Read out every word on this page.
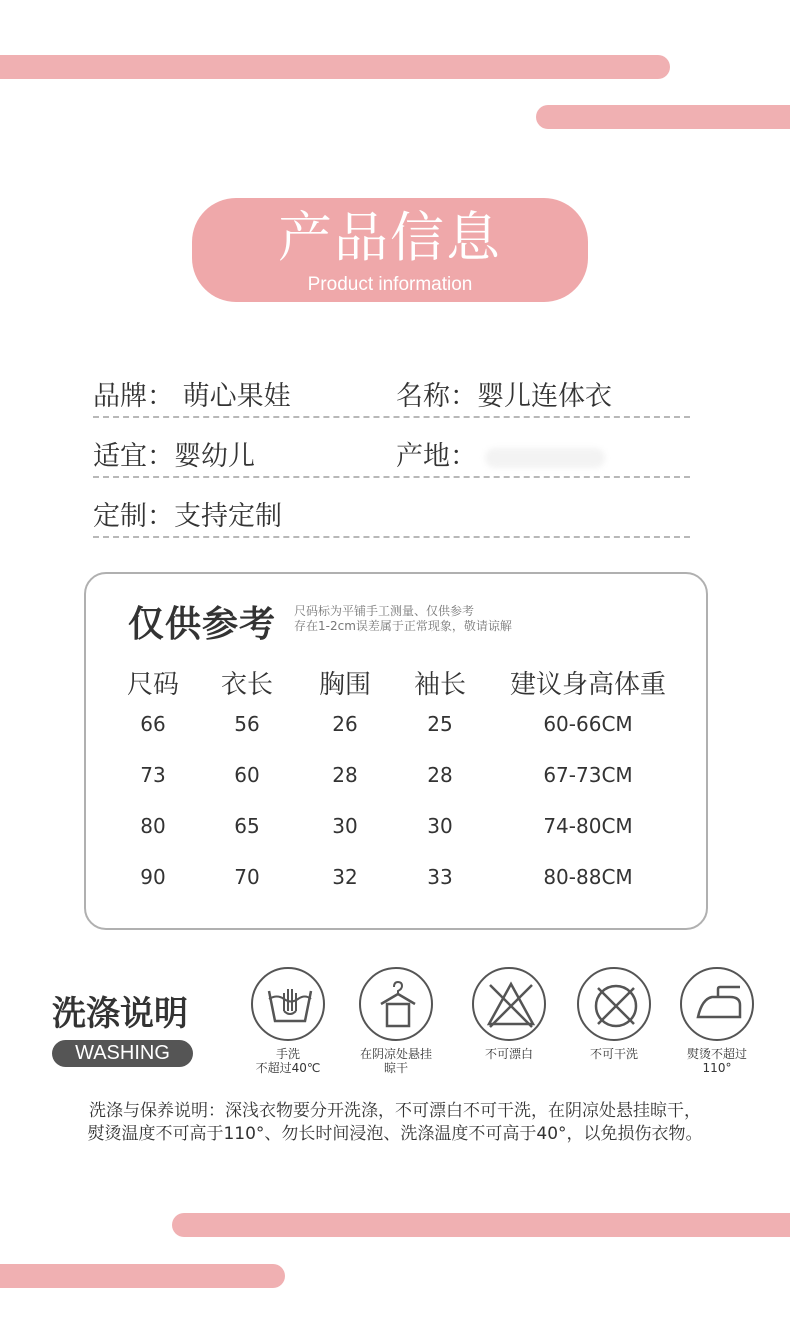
产品信息
Product information
品牌： 萌心果娃	名称：婴儿连体衣
适宜：婴幼儿	产地：
定制：支持定制
仅供参考 尺码标为平铺手工测量、仅供参考
存在1-2cm误差属于正常现象，敬请谅解
尺码	衣长	胸围	袖长	建议身高体重
66	56	26	25	60-66CM
73	60	28	28	67-73CM
80	65	30	30	74-80CM
90	70	32	33	80-88CM
洗涤说明
WASHING	手洗
不超过40℃
在阴凉处悬挂
晾干
不可漂白	不可干洗	熨烫不超过
110°
洗涤与保养说明：深浅衣物要分开洗涤，不可漂白不可干洗，在阴凉处悬挂晾干，
熨烫温度不可高于110°、勿长时间浸泡、洗涤温度不可高于40°，以免损伤衣物。
